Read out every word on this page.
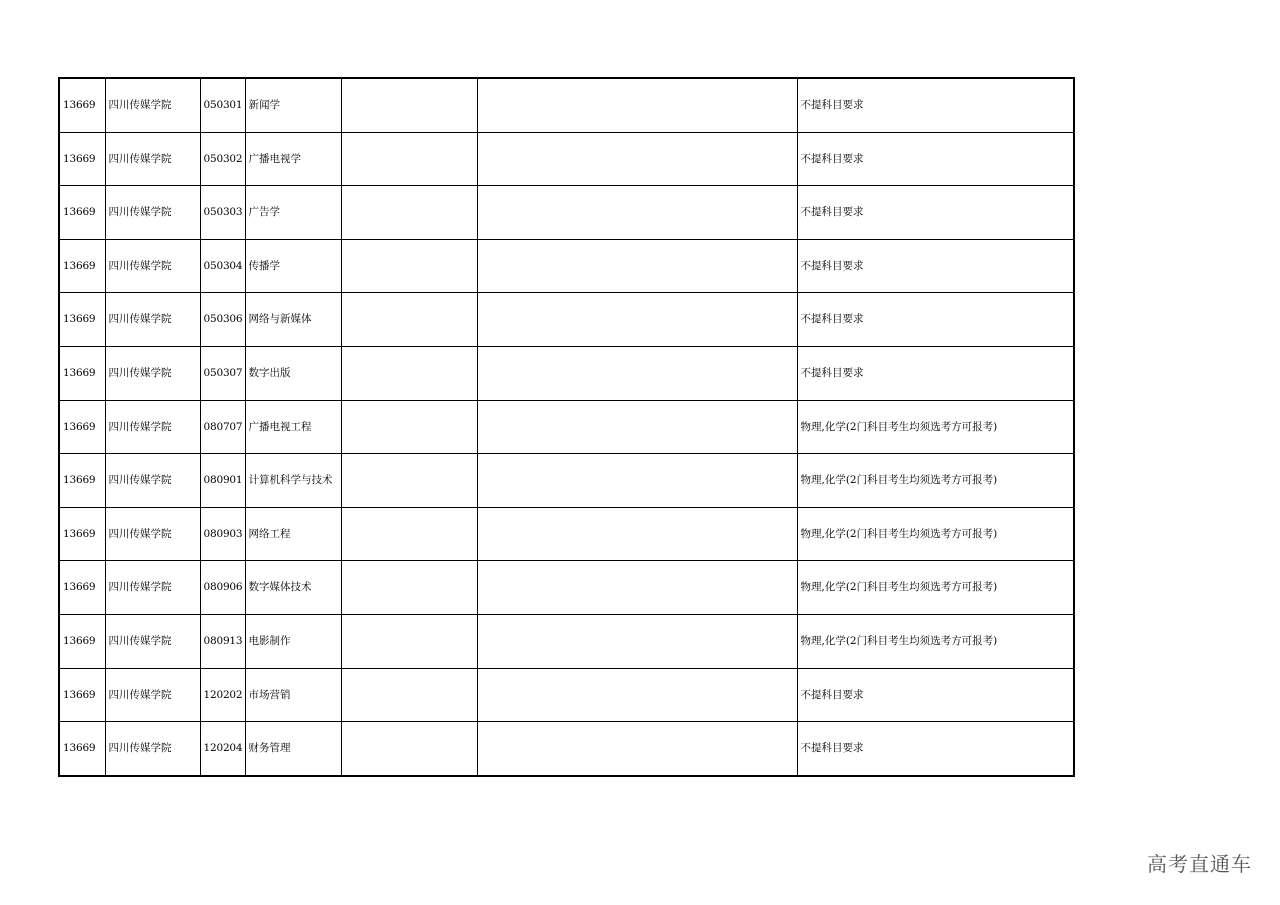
13669	四川传媒学院	050301	新闻学			不提科目要求
13669	四川传媒学院	050302	广播电视学			不提科目要求
13669	四川传媒学院	050303	广告学			不提科目要求
13669	四川传媒学院	050304	传播学			不提科目要求
13669	四川传媒学院	050306	网络与新媒体			不提科目要求
13669	四川传媒学院	050307	数字出版			不提科目要求
13669	四川传媒学院	080707	广播电视工程			物理,化学(2门科目考生均须选考方可报考)
13669	四川传媒学院	080901	计算机科学与技术			物理,化学(2门科目考生均须选考方可报考)
13669	四川传媒学院	080903	网络工程			物理,化学(2门科目考生均须选考方可报考)
13669	四川传媒学院	080906	数字媒体技术			物理,化学(2门科目考生均须选考方可报考)
13669	四川传媒学院	080913	电影制作			物理,化学(2门科目考生均须选考方可报考)
13669	四川传媒学院	120202	市场营销			不提科目要求
13669	四川传媒学院	120204	财务管理			不提科目要求
高考直通车
